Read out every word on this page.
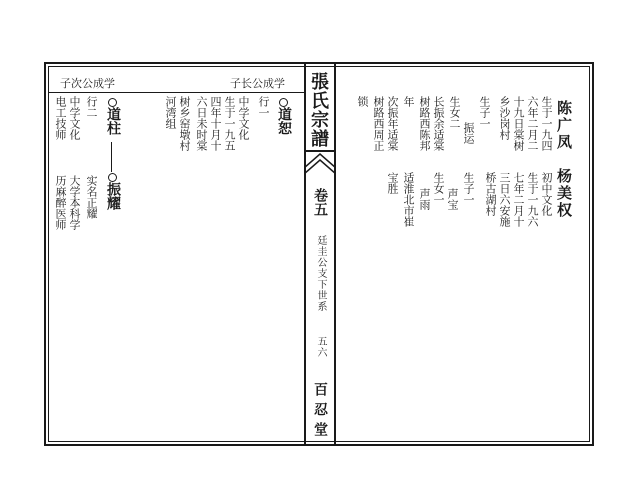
張氏宗譜
卷五
廷圭公支下世系
五六
百忍堂
子次公成学	子长公成学
道恕
行一
中学文化
生于一九五
四年十月十
六日未时棠
树乡窑墩村
河湾组
道柱
行二
中学文化
电工技师
振耀
实名正耀
大学本科学
历麻醉医师	陈广凤　杨美权
生于一九四
六年二月二
十九日棠树
乡沙岗村
生子一
生女二
长振余适棠
树路西陈邦
年
次振年适棠
树路西周正
锁
初中文化
生于一九六
七年二月十
三日六安施
桥古湖村
生子一
振运
生女一 声宝
声雨
适淮北市崔
宝胜
